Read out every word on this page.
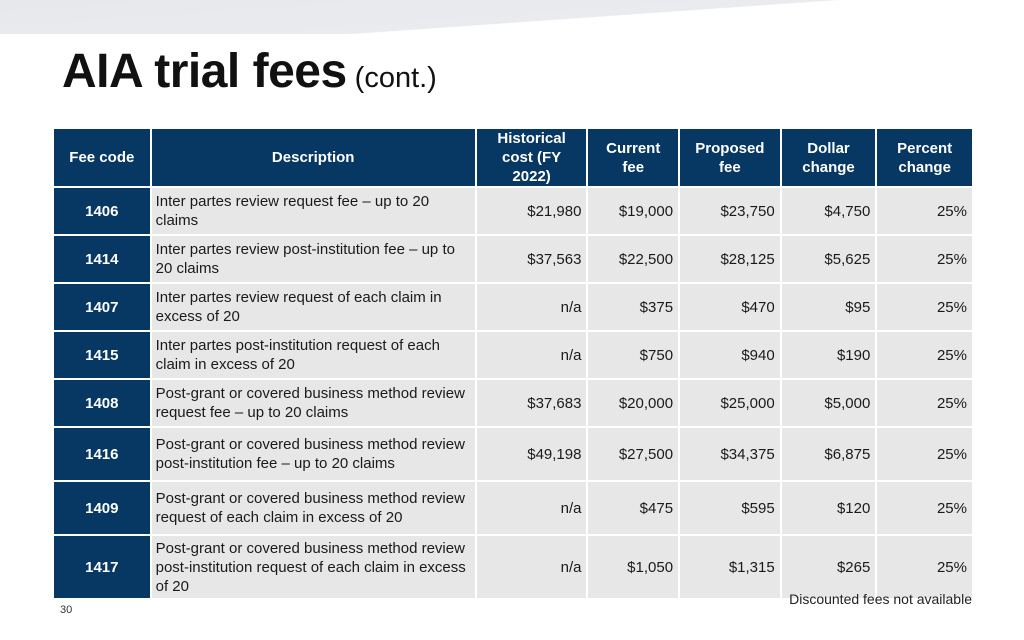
AIA trial fees (cont.)
Fee code	Description	Historical cost (FY 2022)	Current fee	Proposed fee	Dollar change	Percent change
1406	Inter partes review request fee – up to 20 claims	$21,980	$19,000	$23,750	$4,750	25%
1414	Inter partes review post-institution fee – up to 20 claims	$37,563	$22,500	$28,125	$5,625	25%
1407	Inter partes review request of each claim in excess of 20	n/a	$375	$470	$95	25%
1415	Inter partes post-institution request of each claim in excess of 20	n/a	$750	$940	$190	25%
1408	Post-grant or covered business method review request fee – up to 20 claims	$37,683	$20,000	$25,000	$5,000	25%
1416	Post-grant or covered business method review post-institution fee – up to 20 claims	$49,198	$27,500	$34,375	$6,875	25%
1409	Post-grant or covered business method review request of each claim in excess of 20	n/a	$475	$595	$120	25%
1417	Post-grant or covered business method review post-institution request of each claim in excess of 20	n/a	$1,050	$1,315	$265	25%
Discounted fees not available
30
